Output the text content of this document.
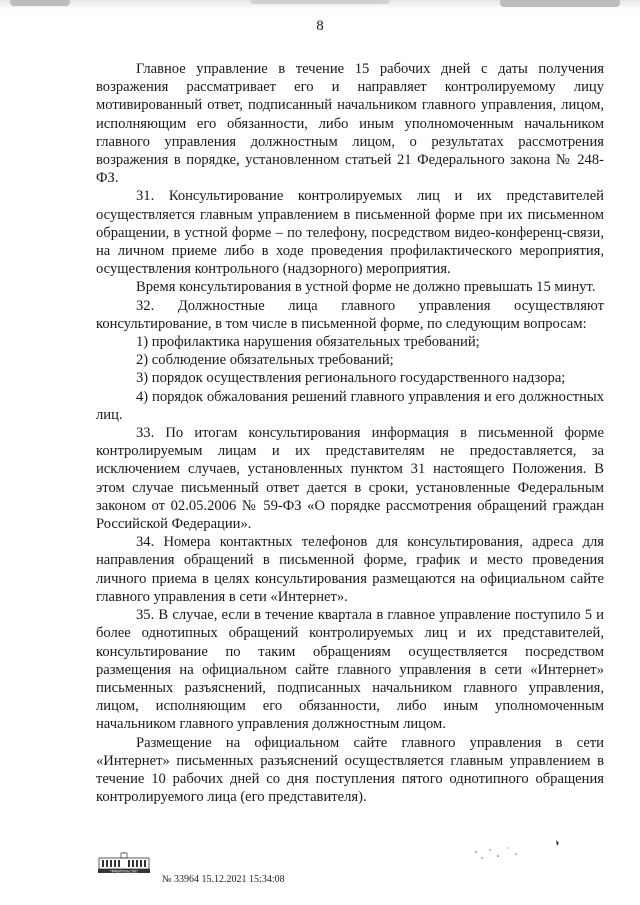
8

Главное управление в течение 15 рабочих дней с даты получения возражения рассматривает его и направляет контролируемому лицу мотивированный ответ, подписанный начальником главного управления, лицом, исполняющим его обязанности, либо иным уполномоченным начальником главного управления должностным лицом, о результатах рассмотрения возражения в порядке, установленном статьей 21 Федерального закона № 248-ФЗ.

31. Консультирование контролируемых лиц и их представителей осуществляется главным управлением в письменной форме при их письменном обращении, в устной форме – по телефону, посредством видео-конференц-связи, на личном приеме либо в ходе проведения профилактического мероприятия, осуществления контрольного (надзорного) мероприятия.

Время консультирования в устной форме не должно превышать 15 минут.

32. Должностные лица главного управления осуществляют консультирование, в том числе в письменной форме, по следующим вопросам:

1) профилактика нарушения обязательных требований;

2) соблюдение обязательных требований;

3) порядок осуществления регионального государственного надзора;

4) порядок обжалования решений главного управления и его должностных лиц.

33. По итогам консультирования информация в письменной форме контролируемым лицам и их представителям не предоставляется, за исключением случаев, установленных пунктом 31 настоящего Положения. В этом случае письменный ответ дается в сроки, установленные Федеральным законом от 02.05.2006 № 59-ФЗ «О порядке рассмотрения обращений граждан Российской Федерации».

34. Номера контактных телефонов для консультирования, адреса для направления обращений в письменной форме, график и место проведения личного приема в целях консультирования размещаются на официальном сайте главного управления в сети «Интернет».

35. В случае, если в течение квартала в главное управление поступило 5 и более однотипных обращений контролируемых лиц и их представителей, консультирование по таким обращениям осуществляется посредством размещения на официальном сайте главного управления в сети «Интернет» письменных разъяснений, подписанных начальником главного управления, лицом, исполняющим его обязанности, либо иным уполномоченным начальником главного управления должностным лицом.

Размещение на официальном сайте главного управления в сети «Интернет» письменных разъяснений осуществляется главным управлением в течение 10 рабочих дней со дня поступления пятого однотипного обращения контролируемого лица (его представителя).

ПРАВИТЕЛЬСТВО
№ 33964 15.12.2021 15:34:08
